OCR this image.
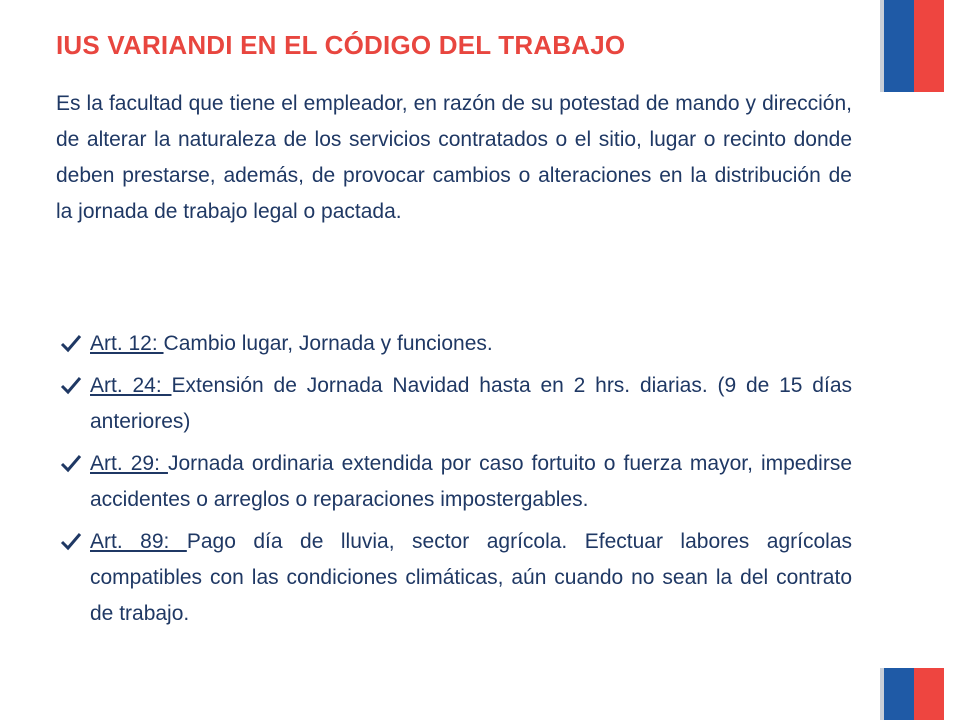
IUS VARIANDI EN EL CÓDIGO DEL TRABAJO

Es la facultad que tiene el empleador, en razón de su potestad de mando y dirección, de alterar la naturaleza de los servicios contratados o el sitio, lugar o recinto donde deben prestarse, además, de provocar cambios o alteraciones en la distribución de la jornada de trabajo legal o pactada.

Art. 12: Cambio lugar, Jornada y funciones.
Art. 24: Extensión de Jornada Navidad hasta en 2 hrs. diarias. (9 de 15 días anteriores)
Art. 29: Jornada ordinaria extendida por caso fortuito o fuerza mayor, impedirse accidentes o arreglos o reparaciones impostergables.
Art. 89: Pago día de lluvia, sector agrícola. Efectuar labores agrícolas compatibles con las condiciones climáticas, aún cuando no sean la del contrato de trabajo.
